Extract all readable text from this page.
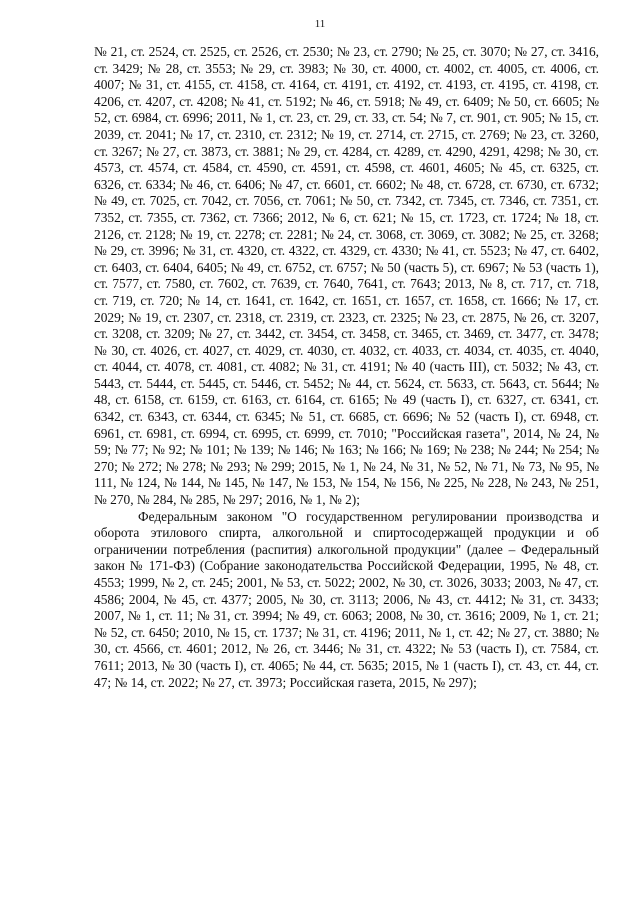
11

№ 21, ст. 2524, ст. 2525, ст. 2526, ст. 2530; № 23, ст. 2790; № 25, ст. 3070; № 27, ст. 3416, ст. 3429; № 28, ст. 3553; № 29, ст. 3983; № 30, ст. 4000, ст. 4002, ст. 4005, ст. 4006, ст. 4007; № 31, ст. 4155, ст. 4158, ст. 4164, ст. 4191, ст. 4192, ст. 4193, ст. 4195, ст. 4198, ст. 4206, ст. 4207, ст. 4208; № 41, ст. 5192; № 46, ст. 5918; № 49, ст. 6409; № 50, ст. 6605; № 52, ст. 6984, ст. 6996; 2011, № 1, ст. 23, ст. 29, ст. 33, ст. 54; № 7, ст. 901, ст. 905; № 15, ст. 2039, ст. 2041; № 17, ст. 2310, ст. 2312; № 19, ст. 2714, ст. 2715, ст. 2769; № 23, ст. 3260, ст. 3267; № 27, ст. 3873, ст. 3881; № 29, ст. 4284, ст. 4289, ст. 4290, 4291, 4298; № 30, ст. 4573, ст. 4574, ст. 4584, ст. 4590, ст. 4591, ст. 4598, ст. 4601, 4605; № 45, ст. 6325, ст. 6326, ст. 6334; № 46, ст. 6406; № 47, ст. 6601, ст. 6602; № 48, ст. 6728, ст. 6730, ст. 6732; № 49, ст. 7025, ст. 7042, ст. 7056, ст. 7061; № 50, ст. 7342, ст. 7345, ст. 7346, ст. 7351, ст. 7352, ст. 7355, ст. 7362, ст. 7366; 2012, № 6, ст. 621; № 15, ст. 1723, ст. 1724; № 18, ст. 2126, ст. 2128; № 19, ст. 2278; ст. 2281; № 24, ст. 3068, ст. 3069, ст. 3082; № 25, ст. 3268; № 29, ст. 3996; № 31, ст. 4320, ст. 4322, ст. 4329, ст. 4330; № 41, ст. 5523; № 47, ст. 6402, ст. 6403, ст. 6404, 6405; № 49, ст. 6752, ст. 6757; № 50 (часть 5), ст. 6967; № 53 (часть 1), ст. 7577, ст. 7580, ст. 7602, ст. 7639, ст. 7640, 7641, ст. 7643; 2013, № 8, ст. 717, ст. 718, ст. 719, ст. 720; № 14, ст. 1641, ст. 1642, ст. 1651, ст. 1657, ст. 1658, ст. 1666; № 17, ст. 2029; № 19, ст. 2307, ст. 2318, ст. 2319, ст. 2323, ст. 2325; № 23, ст. 2875, № 26, ст. 3207, ст. 3208, ст. 3209; № 27, ст. 3442, ст. 3454, ст. 3458, ст. 3465, ст. 3469, ст. 3477, ст. 3478; № 30, ст. 4026, ст. 4027, ст. 4029, ст. 4030, ст. 4032, ст. 4033, ст. 4034, ст. 4035, ст. 4040, ст. 4044, ст. 4078, ст. 4081, ст. 4082; № 31, ст. 4191; № 40 (часть III), ст. 5032; № 43, ст. 5443, ст. 5444, ст. 5445, ст. 5446, ст. 5452; № 44, ст. 5624, ст. 5633, ст. 5643, ст. 5644; № 48, ст. 6158, ст. 6159, ст. 6163, ст. 6164, ст. 6165; № 49 (часть I), ст. 6327, ст. 6341, ст. 6342, ст. 6343, ст. 6344, ст. 6345; № 51, ст. 6685, ст. 6696; № 52 (часть I), ст. 6948, ст. 6961, ст. 6981, ст. 6994, ст. 6995, ст. 6999, ст. 7010; "Российская газета", 2014, № 24, № 59; № 77; № 92; № 101; № 139; № 146; № 163; № 166; № 169; № 238; № 244; № 254; № 270; № 272; № 278; № 293; № 299; 2015, № 1, № 24, № 31, № 52, № 71, № 73, № 95, № 111, № 124, № 144, № 145, № 147, № 153, № 154, № 156, № 225, № 228, № 243, № 251, № 270, № 284, № 285, № 297; 2016, № 1, № 2);

Федеральным законом "О государственном регулировании производства и оборота этилового спирта, алкогольной и спиртосодержащей продукции и об ограничении потребления (распития) алкогольной продукции" (далее – Федеральный закон № 171-ФЗ) (Собрание законодательства Российской Федерации, 1995, № 48, ст. 4553; 1999, № 2, ст. 245; 2001, № 53, ст. 5022; 2002, № 30, ст. 3026, 3033; 2003, № 47, ст. 4586; 2004, № 45, ст. 4377; 2005, № 30, ст. 3113; 2006, № 43, ст. 4412; № 31, ст. 3433; 2007, № 1, ст. 11; № 31, ст. 3994; № 49, ст. 6063; 2008, № 30, ст. 3616; 2009, № 1, ст. 21; № 52, ст. 6450; 2010, № 15, ст. 1737; № 31, ст. 4196; 2011, № 1, ст. 42; № 27, ст. 3880; № 30, ст. 4566, ст. 4601; 2012, № 26, ст. 3446; № 31, ст. 4322; № 53 (часть I), ст. 7584, ст. 7611; 2013, № 30 (часть I), ст. 4065; № 44, ст. 5635; 2015, № 1 (часть I), ст. 43, ст. 44, ст. 47; № 14, ст. 2022; № 27, ст. 3973; Российская газета, 2015, № 297);
